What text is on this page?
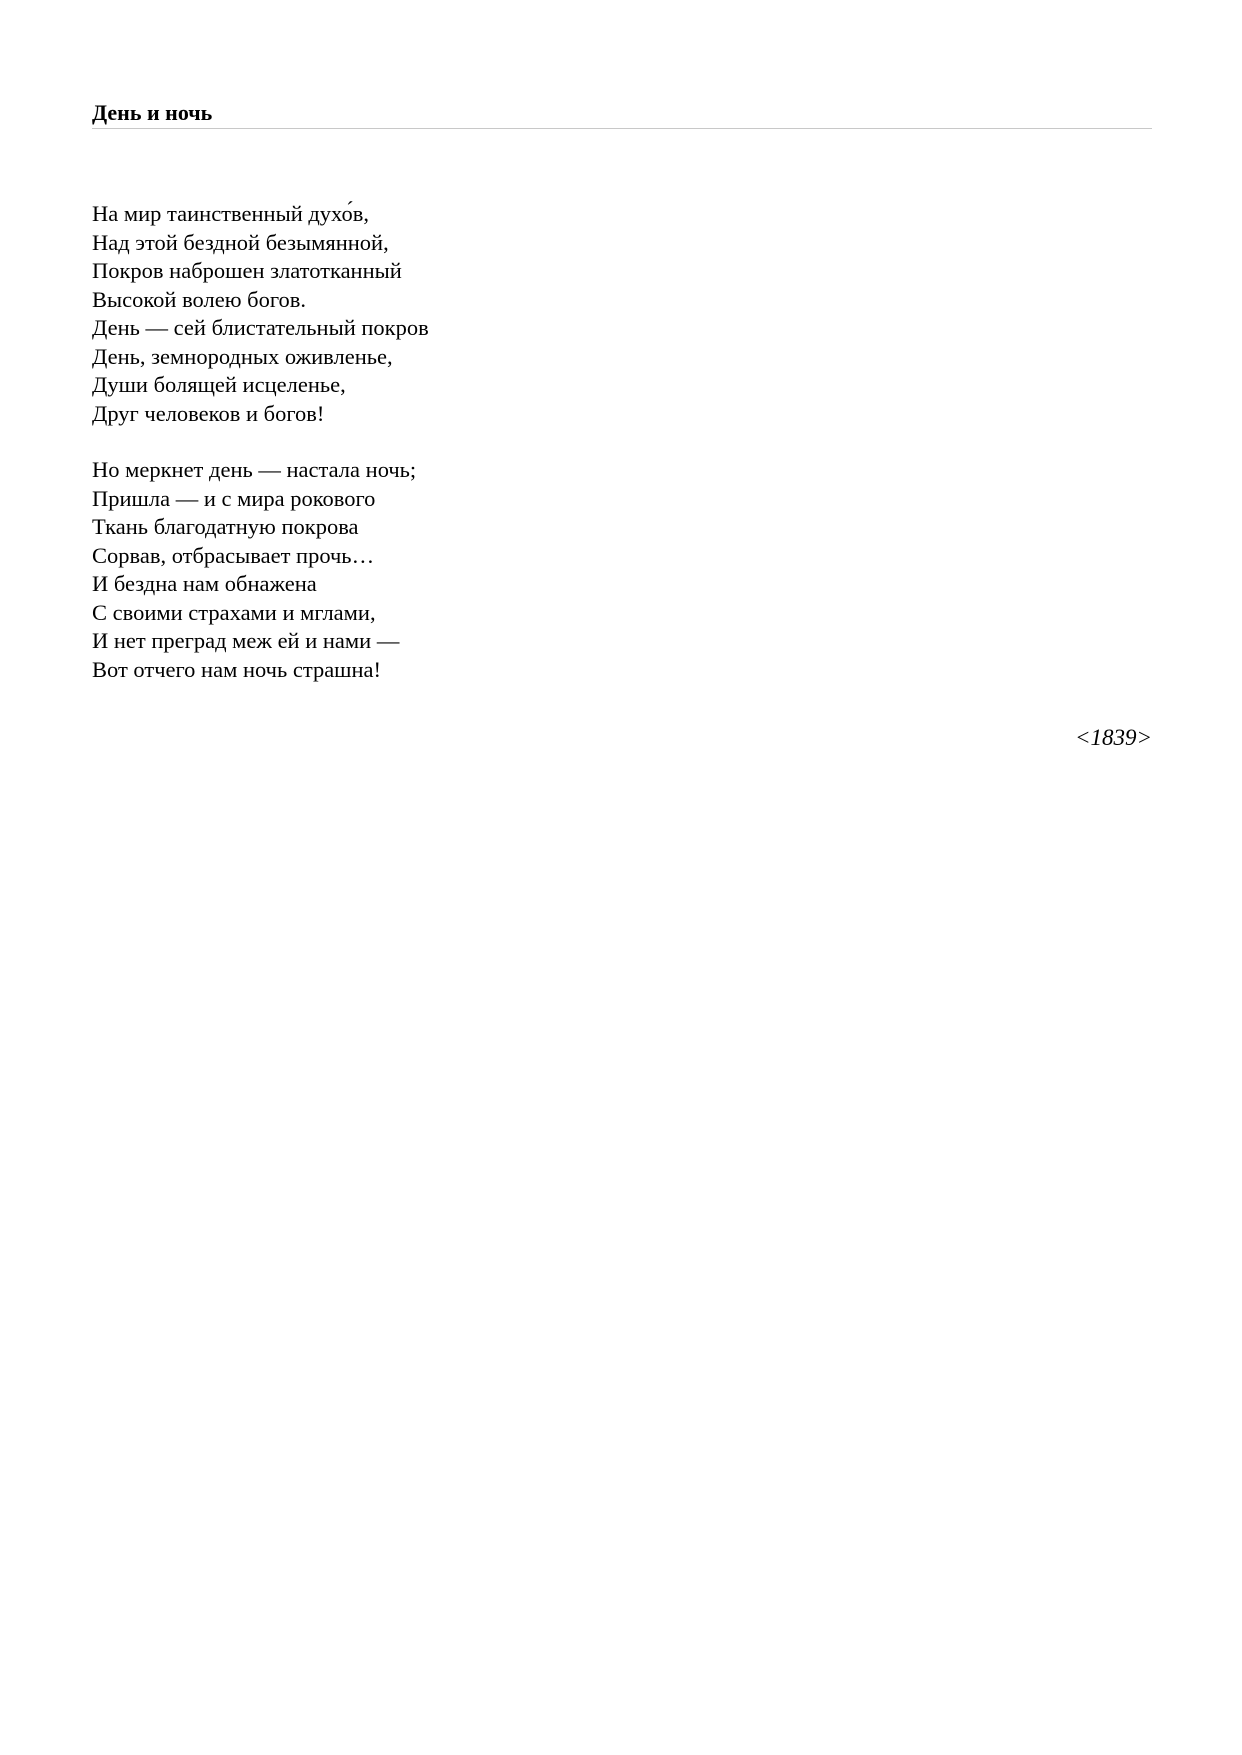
День и ночь
На мир таинственный духо́в,
Над этой бездной безымянной,
Покров наброшен златотканный
Высокой волею богов.
День — сей блистательный покров
День, земнородных оживленье,
Души болящей исцеленье,
Друг человеков и богов!
Но меркнет день — настала ночь;
Пришла — и с мира рокового
Ткань благодатную покрова
Сорвав, отбрасывает прочь…
И бездна нам обнажена
С своими страхами и мглами,
И нет преград меж ей и нами —
Вот отчего нам ночь страшна!
<1839>
